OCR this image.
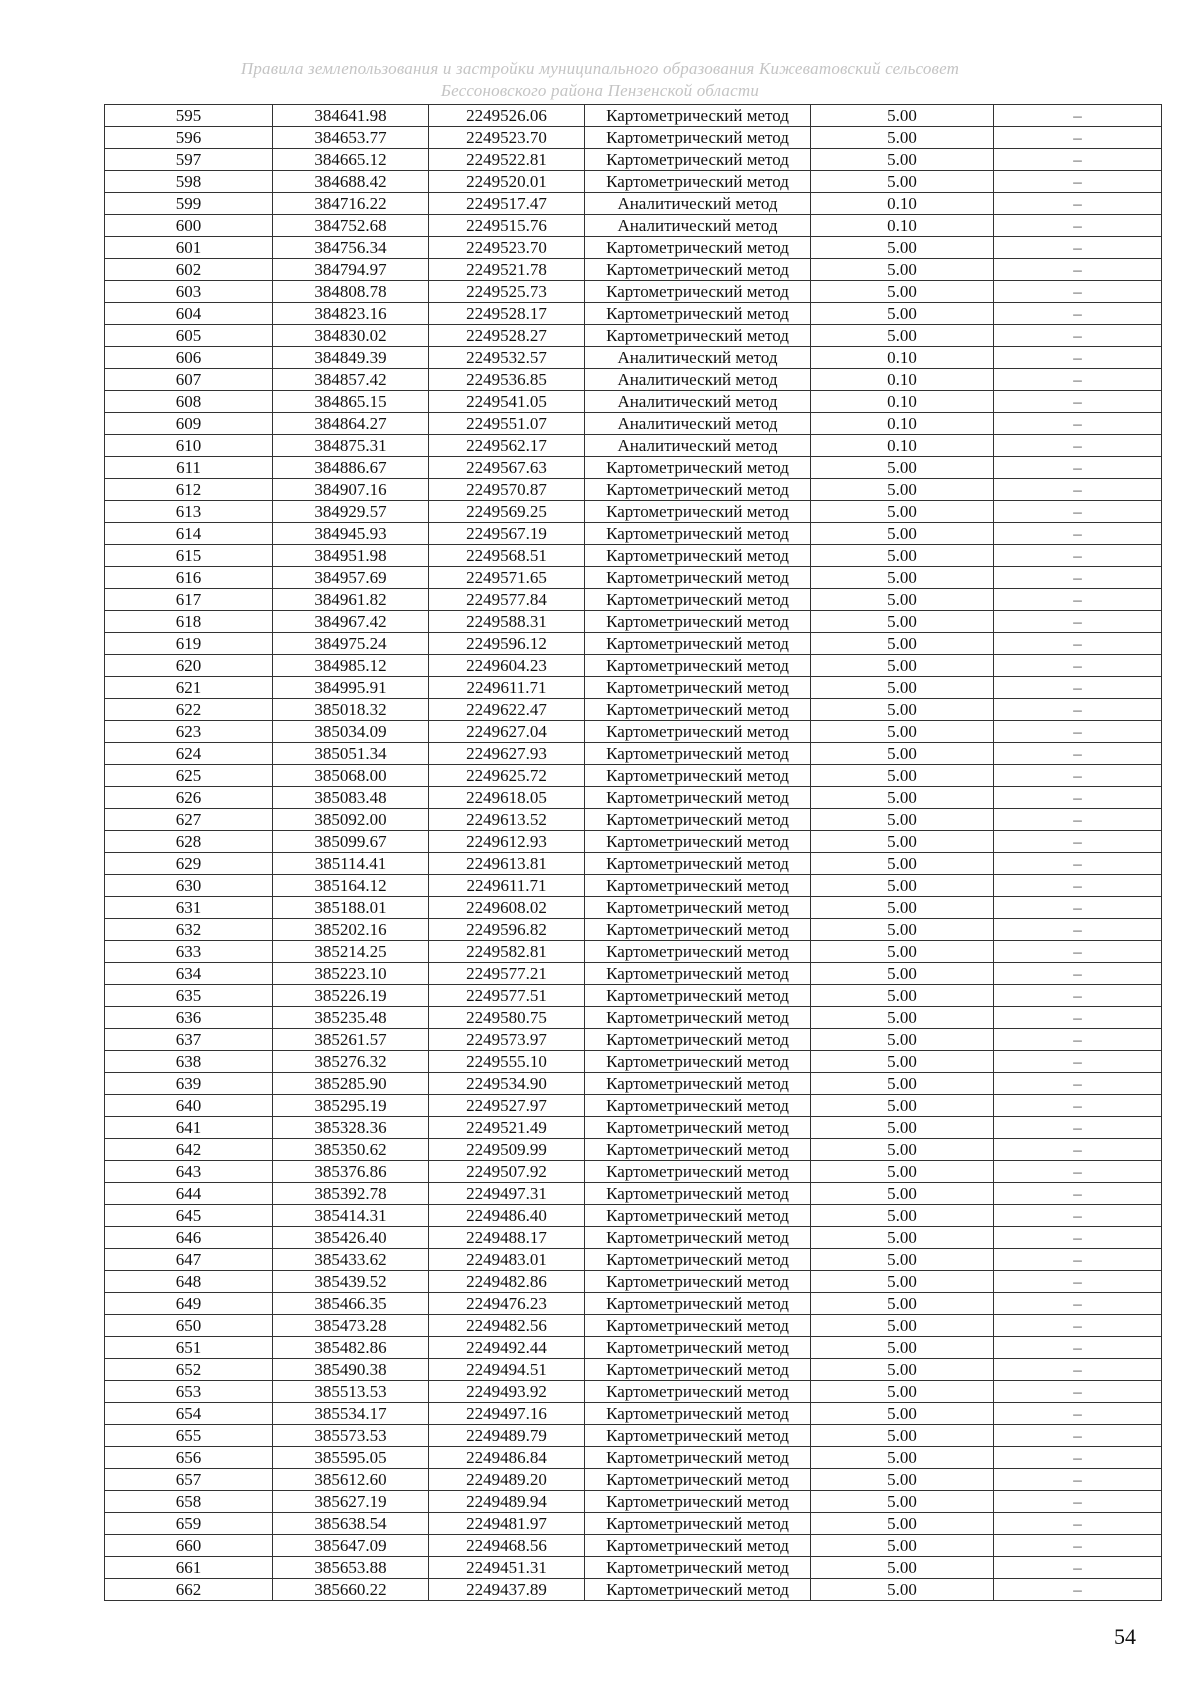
Правила землепользования и застройки муниципального образования Кижеватовский сельсовет
Бессоновского района Пензенской области
595	384641.98	2249526.06	Картометрический метод	5.00	–
596	384653.77	2249523.70	Картометрический метод	5.00	–
597	384665.12	2249522.81	Картометрический метод	5.00	–
598	384688.42	2249520.01	Картометрический метод	5.00	–
599	384716.22	2249517.47	Аналитический метод	0.10	–
600	384752.68	2249515.76	Аналитический метод	0.10	–
601	384756.34	2249523.70	Картометрический метод	5.00	–
602	384794.97	2249521.78	Картометрический метод	5.00	–
603	384808.78	2249525.73	Картометрический метод	5.00	–
604	384823.16	2249528.17	Картометрический метод	5.00	–
605	384830.02	2249528.27	Картометрический метод	5.00	–
606	384849.39	2249532.57	Аналитический метод	0.10	–
607	384857.42	2249536.85	Аналитический метод	0.10	–
608	384865.15	2249541.05	Аналитический метод	0.10	–
609	384864.27	2249551.07	Аналитический метод	0.10	–
610	384875.31	2249562.17	Аналитический метод	0.10	–
611	384886.67	2249567.63	Картометрический метод	5.00	–
612	384907.16	2249570.87	Картометрический метод	5.00	–
613	384929.57	2249569.25	Картометрический метод	5.00	–
614	384945.93	2249567.19	Картометрический метод	5.00	–
615	384951.98	2249568.51	Картометрический метод	5.00	–
616	384957.69	2249571.65	Картометрический метод	5.00	–
617	384961.82	2249577.84	Картометрический метод	5.00	–
618	384967.42	2249588.31	Картометрический метод	5.00	–
619	384975.24	2249596.12	Картометрический метод	5.00	–
620	384985.12	2249604.23	Картометрический метод	5.00	–
621	384995.91	2249611.71	Картометрический метод	5.00	–
622	385018.32	2249622.47	Картометрический метод	5.00	–
623	385034.09	2249627.04	Картометрический метод	5.00	–
624	385051.34	2249627.93	Картометрический метод	5.00	–
625	385068.00	2249625.72	Картометрический метод	5.00	–
626	385083.48	2249618.05	Картометрический метод	5.00	–
627	385092.00	2249613.52	Картометрический метод	5.00	–
628	385099.67	2249612.93	Картометрический метод	5.00	–
629	385114.41	2249613.81	Картометрический метод	5.00	–
630	385164.12	2249611.71	Картометрический метод	5.00	–
631	385188.01	2249608.02	Картометрический метод	5.00	–
632	385202.16	2249596.82	Картометрический метод	5.00	–
633	385214.25	2249582.81	Картометрический метод	5.00	–
634	385223.10	2249577.21	Картометрический метод	5.00	–
635	385226.19	2249577.51	Картометрический метод	5.00	–
636	385235.48	2249580.75	Картометрический метод	5.00	–
637	385261.57	2249573.97	Картометрический метод	5.00	–
638	385276.32	2249555.10	Картометрический метод	5.00	–
639	385285.90	2249534.90	Картометрический метод	5.00	–
640	385295.19	2249527.97	Картометрический метод	5.00	–
641	385328.36	2249521.49	Картометрический метод	5.00	–
642	385350.62	2249509.99	Картометрический метод	5.00	–
643	385376.86	2249507.92	Картометрический метод	5.00	–
644	385392.78	2249497.31	Картометрический метод	5.00	–
645	385414.31	2249486.40	Картометрический метод	5.00	–
646	385426.40	2249488.17	Картометрический метод	5.00	–
647	385433.62	2249483.01	Картометрический метод	5.00	–
648	385439.52	2249482.86	Картометрический метод	5.00	–
649	385466.35	2249476.23	Картометрический метод	5.00	–
650	385473.28	2249482.56	Картометрический метод	5.00	–
651	385482.86	2249492.44	Картометрический метод	5.00	–
652	385490.38	2249494.51	Картометрический метод	5.00	–
653	385513.53	2249493.92	Картометрический метод	5.00	–
654	385534.17	2249497.16	Картометрический метод	5.00	–
655	385573.53	2249489.79	Картометрический метод	5.00	–
656	385595.05	2249486.84	Картометрический метод	5.00	–
657	385612.60	2249489.20	Картометрический метод	5.00	–
658	385627.19	2249489.94	Картометрический метод	5.00	–
659	385638.54	2249481.97	Картометрический метод	5.00	–
660	385647.09	2249468.56	Картометрический метод	5.00	–
661	385653.88	2249451.31	Картометрический метод	5.00	–
662	385660.22	2249437.89	Картометрический метод	5.00	–
54
